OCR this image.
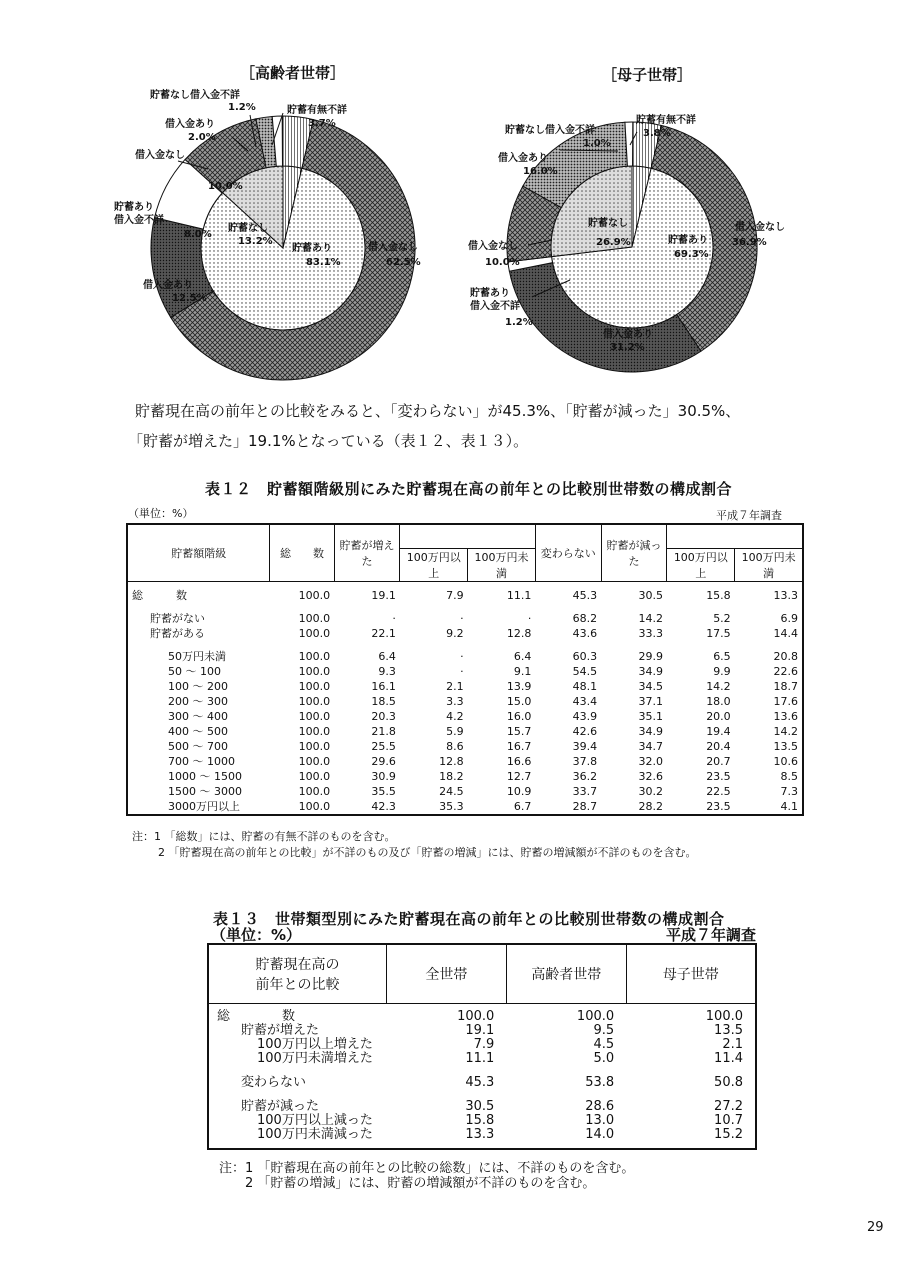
［高齢者世帯］	［母子世帯］
貯蓄なし借入金不詳
1.2%	貯蓄有無不詳
3.7%
借入金あり
2.0%
借入金なし
10.0%
貯蓄あり
借入金不詳
8.0%
借入金あり
12.5%
貯蓄なし
13.2%
貯蓄あり
83.1%
借入金なし
62.5%
貯蓄有無不詳
3.8%
貯蓄なし借入金不詳
1.0%
借入金あり
16.0%
借入金なし
36.9%
貯蓄なし
26.9%	貯蓄あり
69.3%
借入金なし
10.0%
貯蓄あり
借入金不詳
1.2%
借入金あり
31.2%
貯蓄現在高の前年との比較をみると、「変わらない」が45.3%、「貯蓄が減った」30.5%、
「貯蓄が増えた」19.1%となっている（表１２、表１３）。
表１２　貯蓄額階級別にみた貯蓄現在高の前年との比較別世帯数の構成割合
（単位：%）	平成７年調査
貯蓄額階級	総　　数	貯蓄が増えた			変わらない	貯蓄が減った		
			100万円以　上	100万円未　満			100万円以　上	100万円未　満
総　　　数	100.0	19.1	7.9	11.1	45.3	30.5	15.8	13.3
貯蓄がない	100.0	·	·	·	68.2	14.2	5.2	6.9
貯蓄がある	100.0	22.1	9.2	12.8	43.6	33.3	17.5	14.4
50万円未満	100.0	6.4	·	6.4	60.3	29.9	6.5	20.8
50 ～ 100	100.0	9.3	·	9.1	54.5	34.9	9.9	22.6
100 ～ 200	100.0	16.1	2.1	13.9	48.1	34.5	14.2	18.7
200 ～ 300	100.0	18.5	3.3	15.0	43.4	37.1	18.0	17.6
300 ～ 400	100.0	20.3	4.2	16.0	43.9	35.1	20.0	13.6
400 ～ 500	100.0	21.8	5.9	15.7	42.6	34.9	19.4	14.2
500 ～ 700	100.0	25.5	8.6	16.7	39.4	34.7	20.4	13.5
700 ～ 1000	100.0	29.6	12.8	16.6	37.8	32.0	20.7	10.6
1000 ～ 1500	100.0	30.9	18.2	12.7	36.2	32.6	23.5	8.5
1500 ～ 3000	100.0	35.5	24.5	10.9	33.7	30.2	22.5	7.3
3000万円以上	100.0	42.3	35.3	6.7	28.7	28.2	23.5	4.1
注：1 「総数」には、貯蓄の有無不詳のものを含む。
2 「貯蓄現在高の前年との比較」が不詳のもの及び「貯蓄の増減」には、貯蓄の増減額が不詳のものを含む。
表１３　世帯類型別にみた貯蓄現在高の前年との比較別世帯数の構成割合
（単位：%）	平成７年調査
貯蓄現在高の
前年との比較	全世帯	高齢者世帯	母子世帯
総　　　　数	100.0	100.0	100.0
貯蓄が増えた	19.1	9.5	13.5
100万円以上増えた	7.9	4.5	2.1
100万円未満増えた	11.1	5.0	11.4
変わらない	45.3	53.8	50.8
貯蓄が減った	30.5	28.6	27.2
100万円以上減った	15.8	13.0	10.7
100万円未満減った	13.3	14.0	15.2
注：1 「貯蓄現在高の前年との比較の総数」には、不詳のものを含む。
2 「貯蓄の増減」には、貯蓄の増減額が不詳のものを含む。
29
